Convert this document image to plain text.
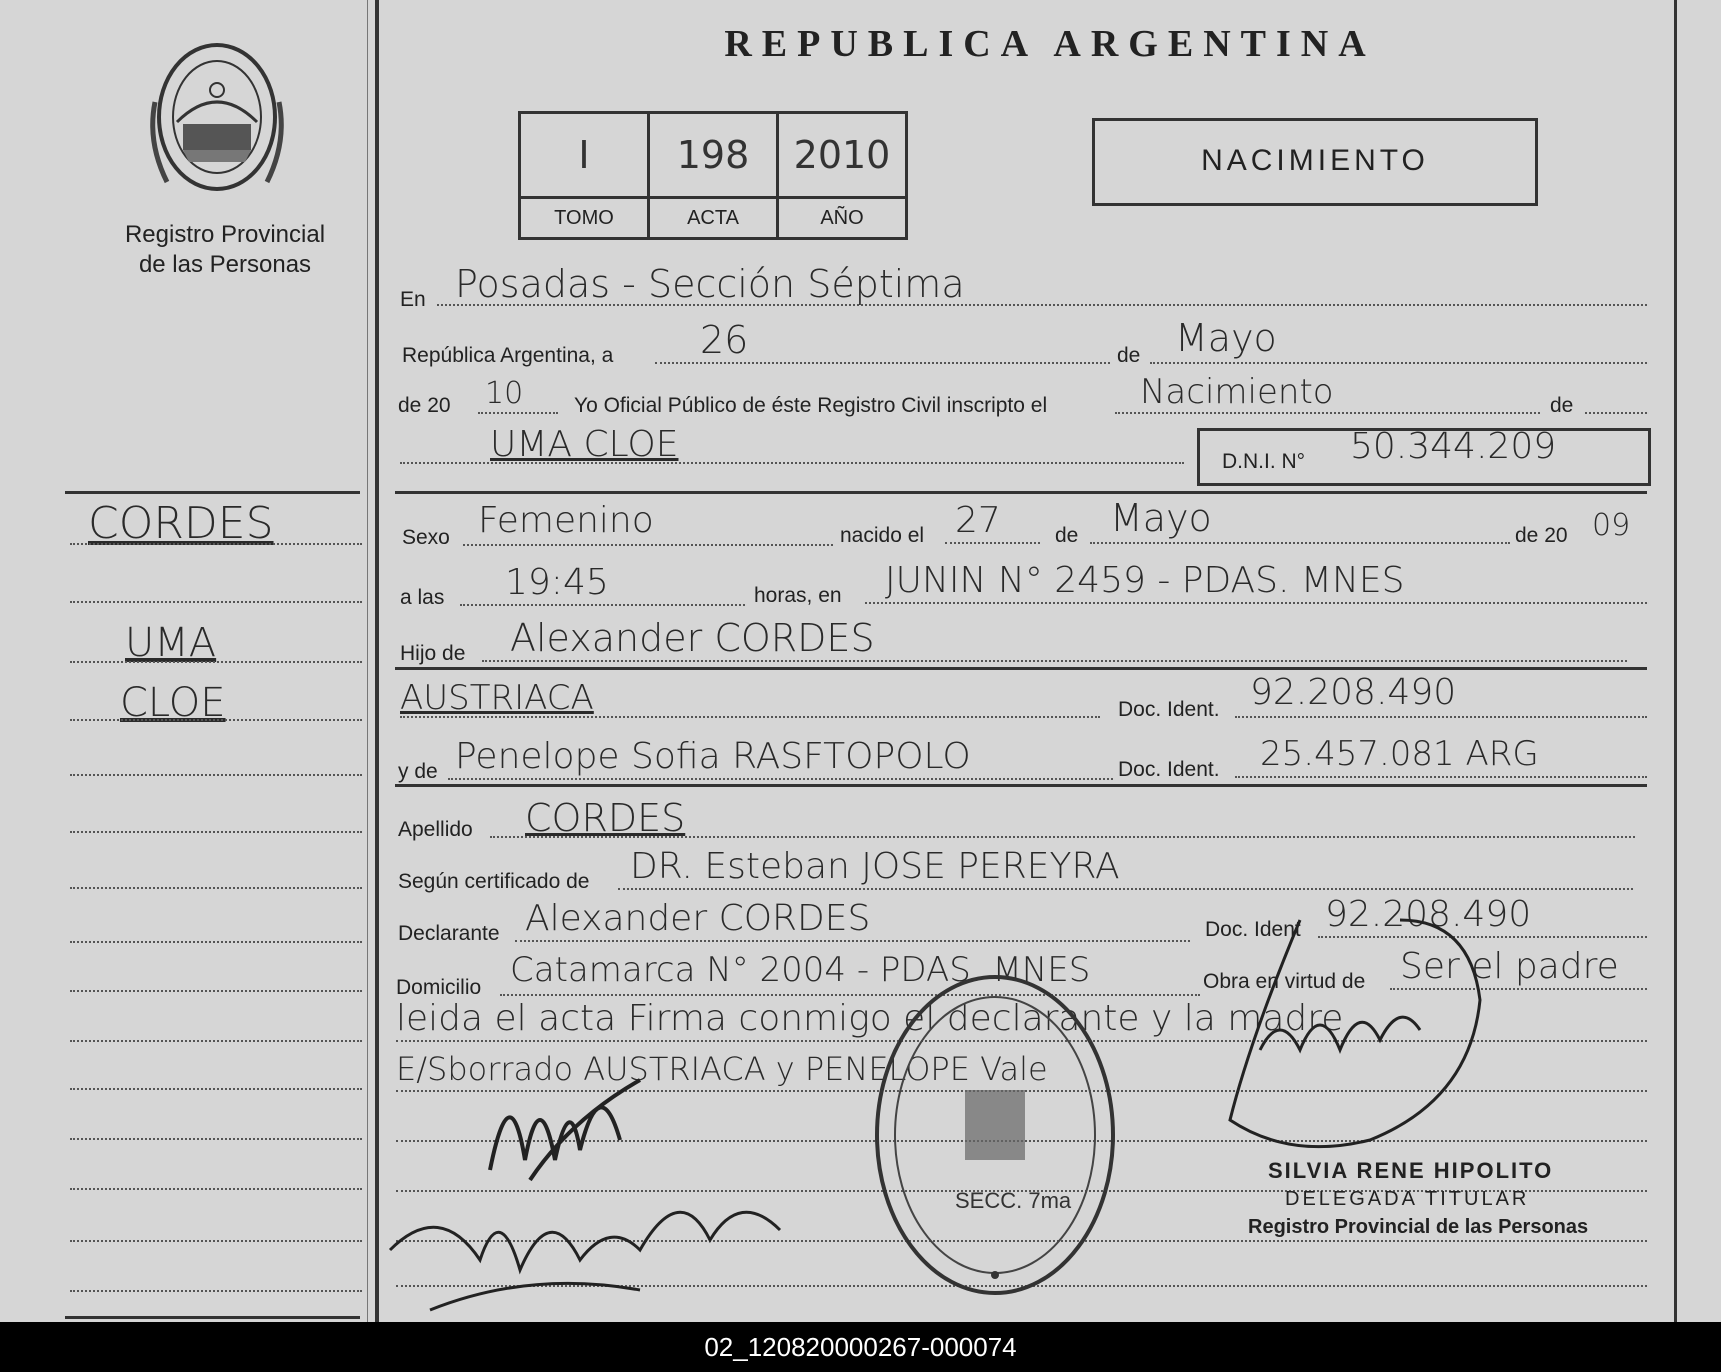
Registro Provincial
de las Personas
CORDES
UMA
CLOE
REPUBLICA ARGENTINA
I	198	2010
TOMO	ACTA	AÑO
NACIMIENTO
En Posadas - Sección Séptima
República Argentina, a 26	de Mayo
de 20 10 Yo Oficial Público de éste Registro Civil inscripto el	Nacimiento	de
UMA CLOE	D.N.I. N° 50.344.209
Sexo Femenino	nacido el 27	de Mayo	de 20 09
a las 19:45	horas, en JUNIN N° 2459 - PDAS. MNES
Hijo de Alexander CORDES
AUSTRIACA	Doc. Ident. 92.208.490
y de Penelope Sofia RASFTOPOLO	Doc. Ident. 25.457.081 ARG
Apellido CORDES
Según certificado de DR. Esteban JOSE PEREYRA
Declarante Alexander CORDES	Doc. Ident 92.208.490
Domicilio Catamarca N° 2004 - PDAS. MNES	Obra en virtud de Ser el padre
leida el acta Firma conmigo el declarante y la madre
E/Sborrado AUSTRIACA y PENELOPE Vale
SECC. 7ma
SILVIA RENE HIPOLITO
DELEGADA TITULAR
Registro Provincial de las Personas
02_120820000267-000074
